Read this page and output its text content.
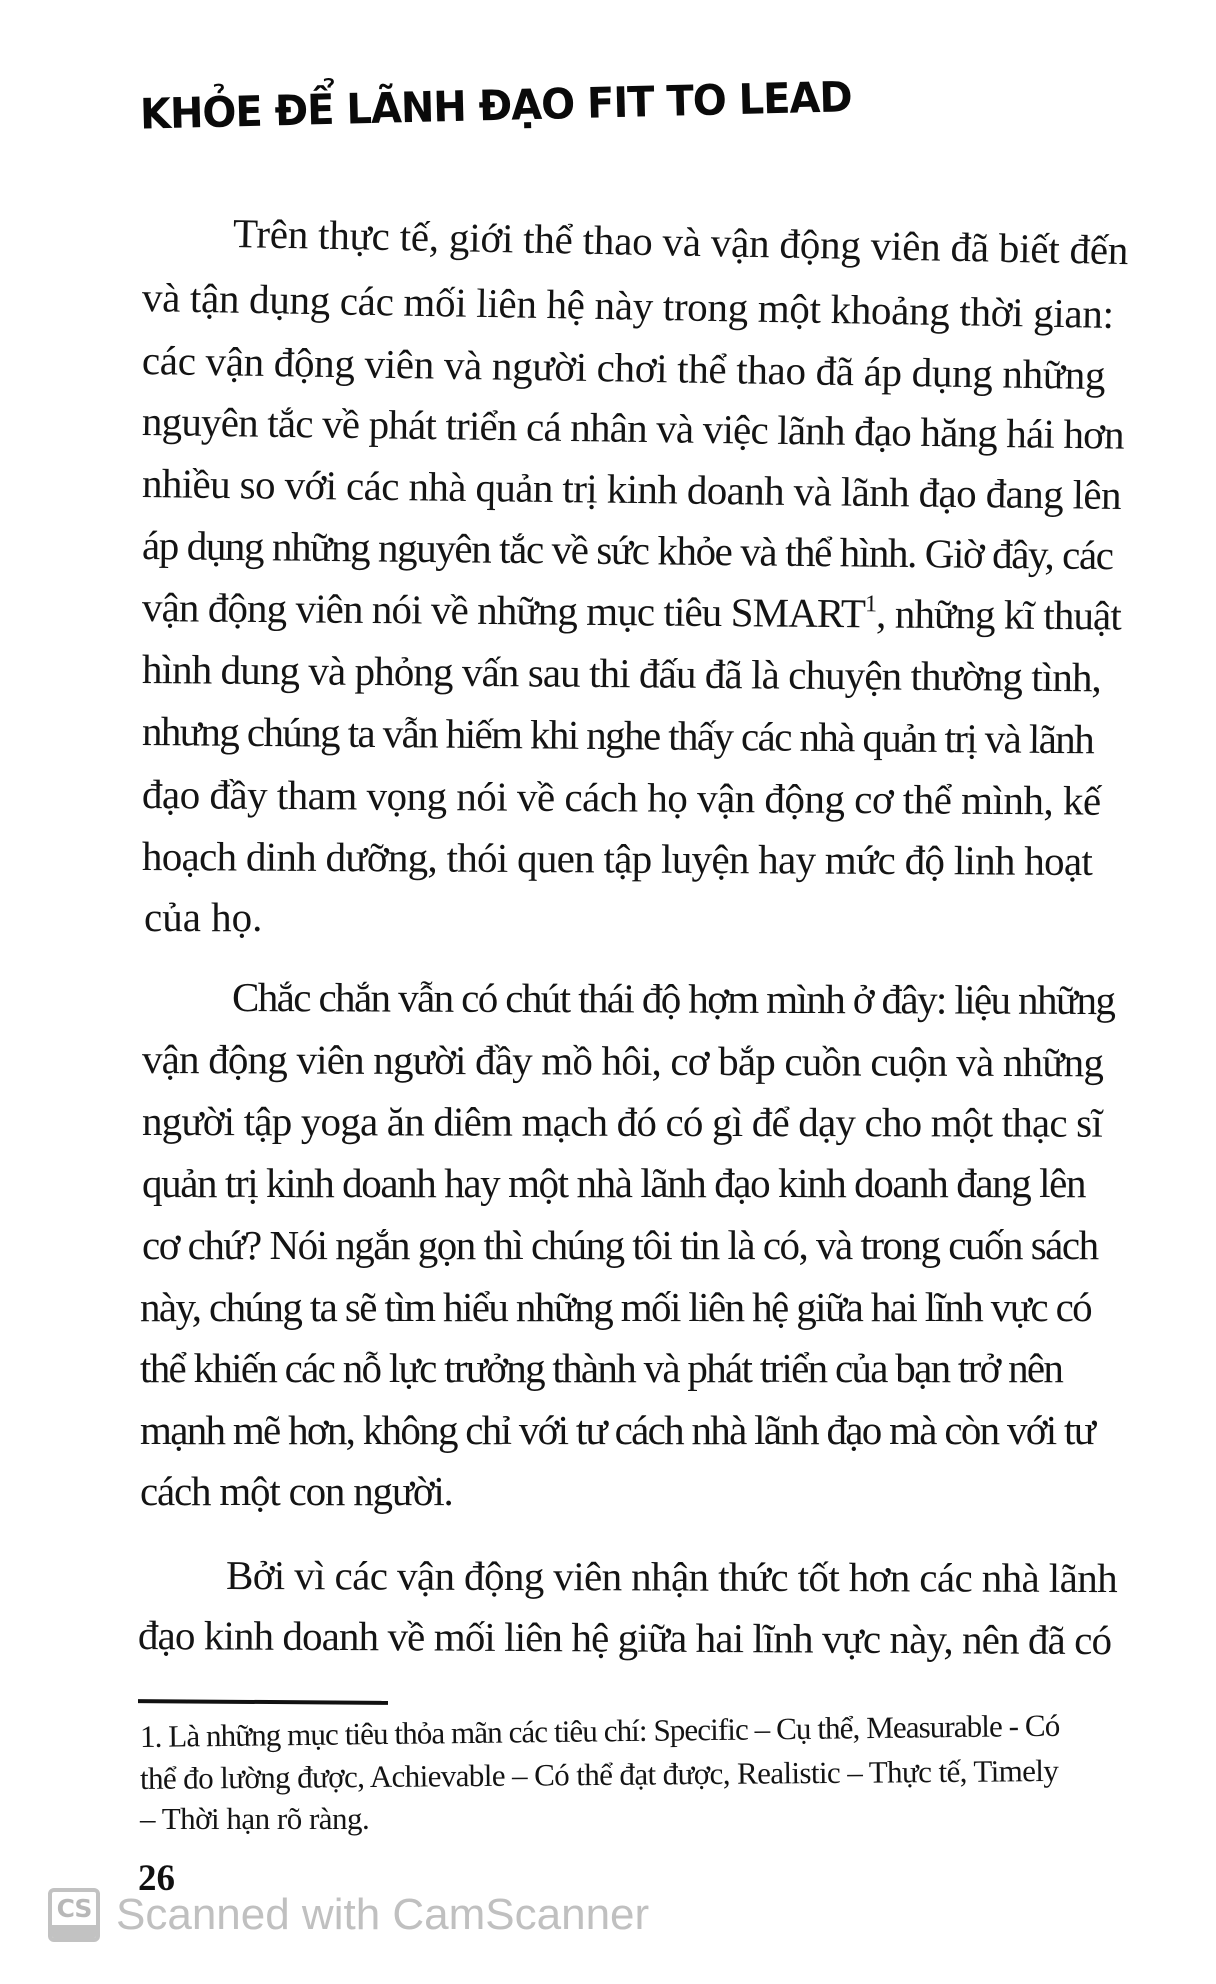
KHỎE ĐỂ LÃNH ĐẠO FIT TO LEAD
Trên thực tế, giới thể thao và vận động viên đã biết đến
và tận dụng các mối liên hệ này trong một khoảng thời gian:
các vận động viên và người chơi thể thao đã áp dụng những
nguyên tắc về phát triển cá nhân và việc lãnh đạo hăng hái hơn
nhiều so với các nhà quản trị kinh doanh và lãnh đạo đang lên
áp dụng những nguyên tắc về sức khỏe và thể hình. Giờ đây, các
vận động viên nói về những mục tiêu SMART$^1$, những kĩ thuật
hình dung và phỏng vấn sau thi đấu đã là chuyện thường tình,
nhưng chúng ta vẫn hiếm khi nghe thấy các nhà quản trị và lãnh
đạo đầy tham vọng nói về cách họ vận động cơ thể mình, kế
hoạch dinh dưỡng, thói quen tập luyện hay mức độ linh hoạt
của họ.
Chắc chắn vẫn có chút thái độ hợm mình ở đây: liệu những
vận động viên người đầy mồ hôi, cơ bắp cuồn cuộn và những
người tập yoga ăn diêm mạch đó có gì để dạy cho một thạc sĩ
quản trị kinh doanh hay một nhà lãnh đạo kinh doanh đang lên
cơ chứ? Nói ngắn gọn thì chúng tôi tin là có, và trong cuốn sách
này, chúng ta sẽ tìm hiểu những mối liên hệ giữa hai lĩnh vực có
thể khiến các nỗ lực trưởng thành và phát triển của bạn trở nên
mạnh mẽ hơn, không chỉ với tư cách nhà lãnh đạo mà còn với tư
cách một con người.
Bởi vì các vận động viên nhận thức tốt hơn các nhà lãnh
đạo kinh doanh về mối liên hệ giữa hai lĩnh vực này, nên đã có
1. Là những mục tiêu thỏa mãn các tiêu chí: Specific – Cụ thể, Measurable - Có
thể đo lường được, Achievable – Có thể đạt được, Realistic – Thực tế, Timely
– Thời hạn rõ ràng.
26
CS Scanned with CamScanner
